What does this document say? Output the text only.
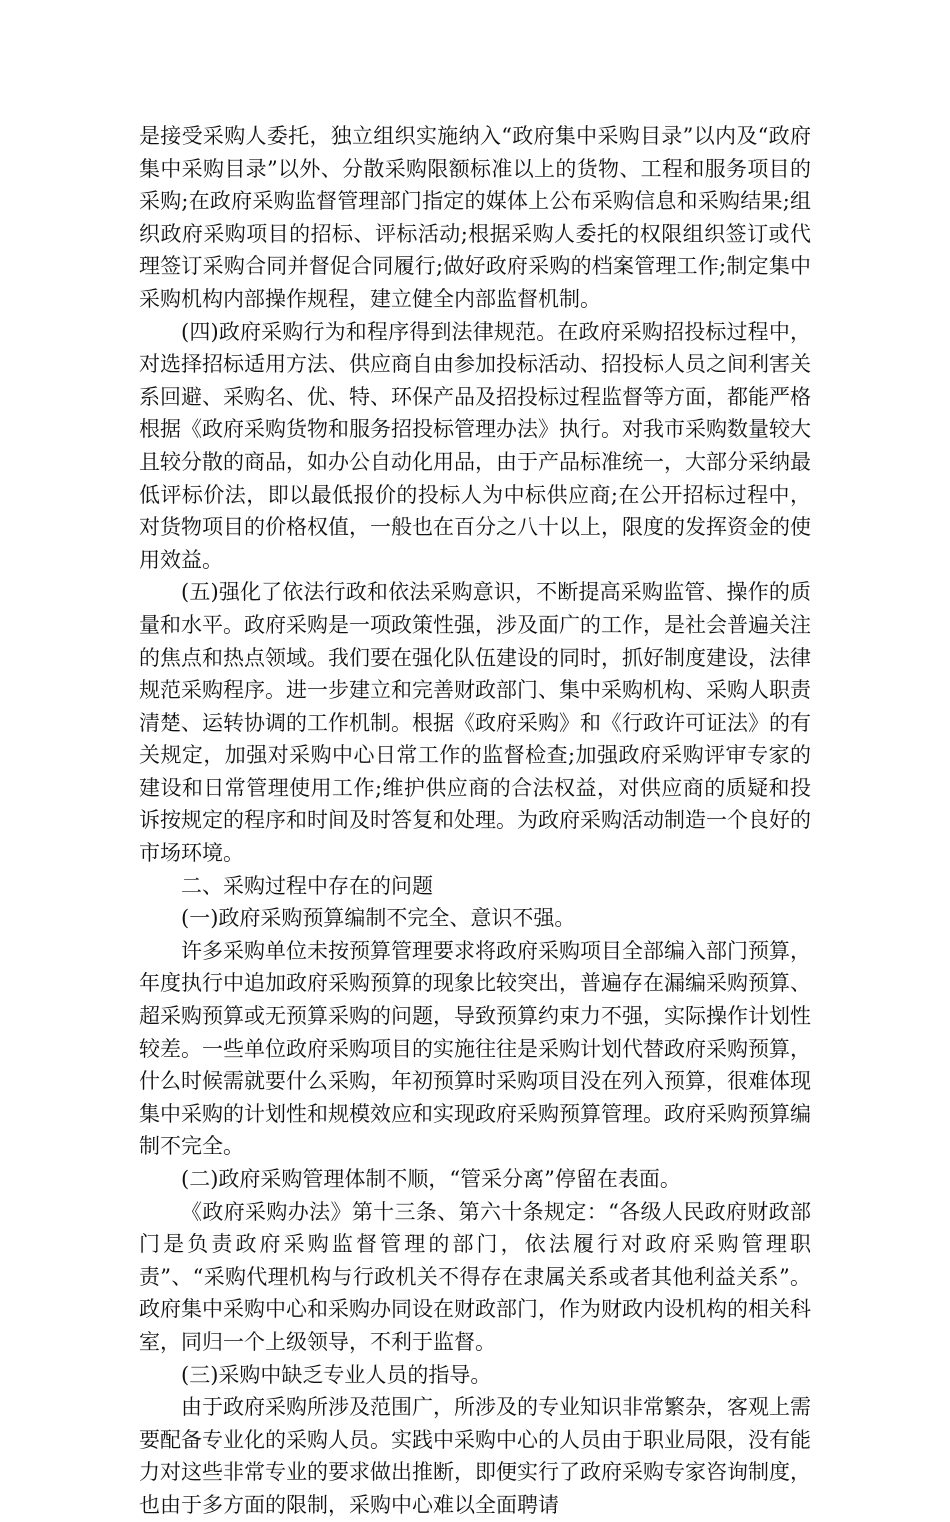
是接受采购人委托，独立组织实施纳入“政府集中采购目录”以内及“政府集中采购目录”以外、分散采购限额标准以上的货物、工程和服务项目的采购;在政府采购监督管理部门指定的媒体上公布采购信息和采购结果;组织政府采购项目的招标、评标活动;根据采购人委托的权限组织签订或代理签订采购合同并督促合同履行;做好政府采购的档案管理工作;制定集中采购机构内部操作规程，建立健全内部监督机制。

(四)政府采购行为和程序得到法律规范。在政府采购招投标过程中，对选择招标适用方法、供应商自由参加投标活动、招投标人员之间利害关系回避、采购名、优、特、环保产品及招投标过程监督等方面，都能严格根据《政府采购货物和服务招投标管理办法》执行。对我市采购数量较大且较分散的商品，如办公自动化用品，由于产品标准统一，大部分采纳最低评标价法，即以最低报价的投标人为中标供应商;在公开招标过程中，对货物项目的价格权值，一般也在百分之八十以上，限度的发挥资金的使用效益。

(五)强化了依法行政和依法采购意识，不断提高采购监管、操作的质量和水平。政府采购是一项政策性强，涉及面广的工作，是社会普遍关注的焦点和热点领域。我们要在强化队伍建设的同时，抓好制度建设，法律规范采购程序。进一步建立和完善财政部门、集中采购机构、采购人职责清楚、运转协调的工作机制。根据《政府采购》和《行政许可证法》的有关规定，加强对采购中心日常工作的监督检查;加强政府采购评审专家的建设和日常管理使用工作;维护供应商的合法权益，对供应商的质疑和投诉按规定的程序和时间及时答复和处理。为政府采购活动制造一个良好的市场环境。

二、采购过程中存在的问题

(一)政府采购预算编制不完全、意识不强。

许多采购单位未按预算管理要求将政府采购项目全部编入部门预算，年度执行中追加政府采购预算的现象比较突出，普遍存在漏编采购预算、超采购预算或无预算采购的问题，导致预算约束力不强，实际操作计划性较差。一些单位政府采购项目的实施往往是采购计划代替政府采购预算，什么时候需就要什么采购，年初预算时采购项目没在列入预算，很难体现集中采购的计划性和规模效应和实现政府采购预算管理。政府采购预算编制不完全。

(二)政府采购管理体制不顺，“管采分离”停留在表面。

《政府采购办法》第十三条、第六十条规定：“各级人民政府财政部门是负责政府采购监督管理的部门，依法履行对政府采购管理职责”、“采购代理机构与行政机关不得存在隶属关系或者其他利益关系”。政府集中采购中心和采购办同设在财政部门，作为财政内设机构的相关科室，同归一个上级领导，不利于监督。

(三)采购中缺乏专业人员的指导。

由于政府采购所涉及范围广，所涉及的专业知识非常繁杂，客观上需要配备专业化的采购人员。实践中采购中心的人员由于职业局限，没有能力对这些非常专业的要求做出推断，即便实行了政府采购专家咨询制度，也由于多方面的限制，采购中心难以全面聘请
